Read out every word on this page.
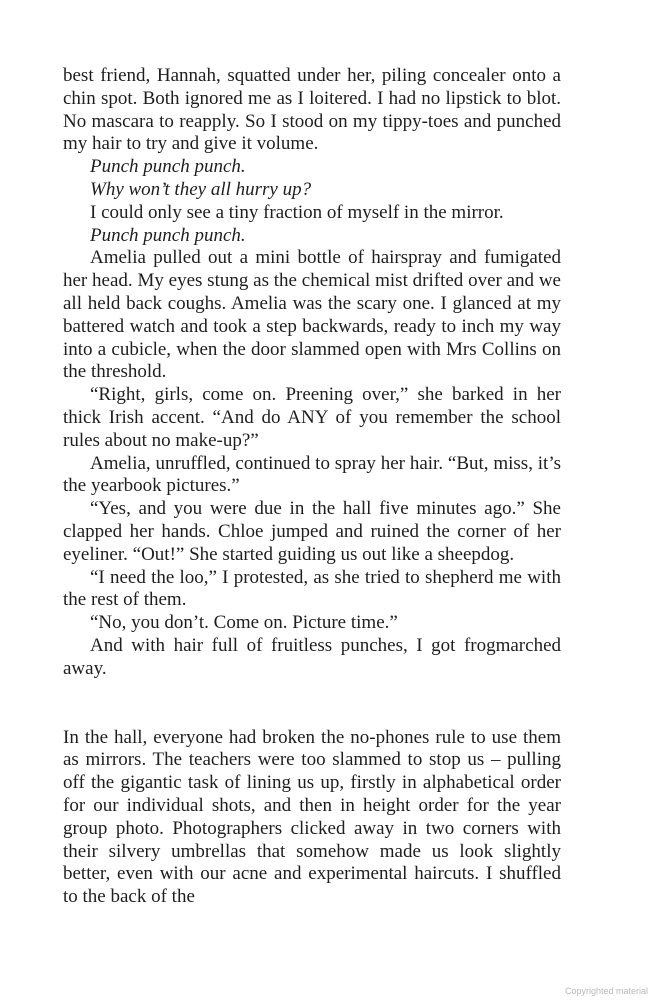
best friend, Hannah, squatted under her, piling concealer onto a chin spot. Both ignored me as I loitered. I had no lipstick to blot. No mascara to reapply. So I stood on my tippy-toes and punched my hair to try and give it volume.

Punch punch punch.

Why won’t they all hurry up?

I could only see a tiny fraction of myself in the mirror.

Punch punch punch.

Amelia pulled out a mini bottle of hairspray and fumigated her head. My eyes stung as the chemical mist drifted over and we all held back coughs. Amelia was the scary one. I glanced at my battered watch and took a step backwards, ready to inch my way into a cubicle, when the door slammed open with Mrs Collins on the threshold.

“Right, girls, come on. Preening over,” she barked in her thick Irish accent. “And do ANY of you remember the school rules about no make-up?”

Amelia, unruffled, continued to spray her hair. “But, miss, it’s the yearbook pictures.”

“Yes, and you were due in the hall five minutes ago.” She clapped her hands. Chloe jumped and ruined the corner of her eyeliner. “Out!” She started guiding us out like a sheepdog.

“I need the loo,” I protested, as she tried to shepherd me with the rest of them.

“No, you don’t. Come on. Picture time.”

And with hair full of fruitless punches, I got frogmarched away.

In the hall, everyone had broken the no-phones rule to use them as mirrors. The teachers were too slammed to stop us – pulling off the gigantic task of lining us up, firstly in alphabetical order for our individual shots, and then in height order for the year group photo. Photographers clicked away in two corners with their silvery umbrellas that somehow made us look slightly better, even with our acne and experimental haircuts. I shuffled to the back of the

Copyrighted material
